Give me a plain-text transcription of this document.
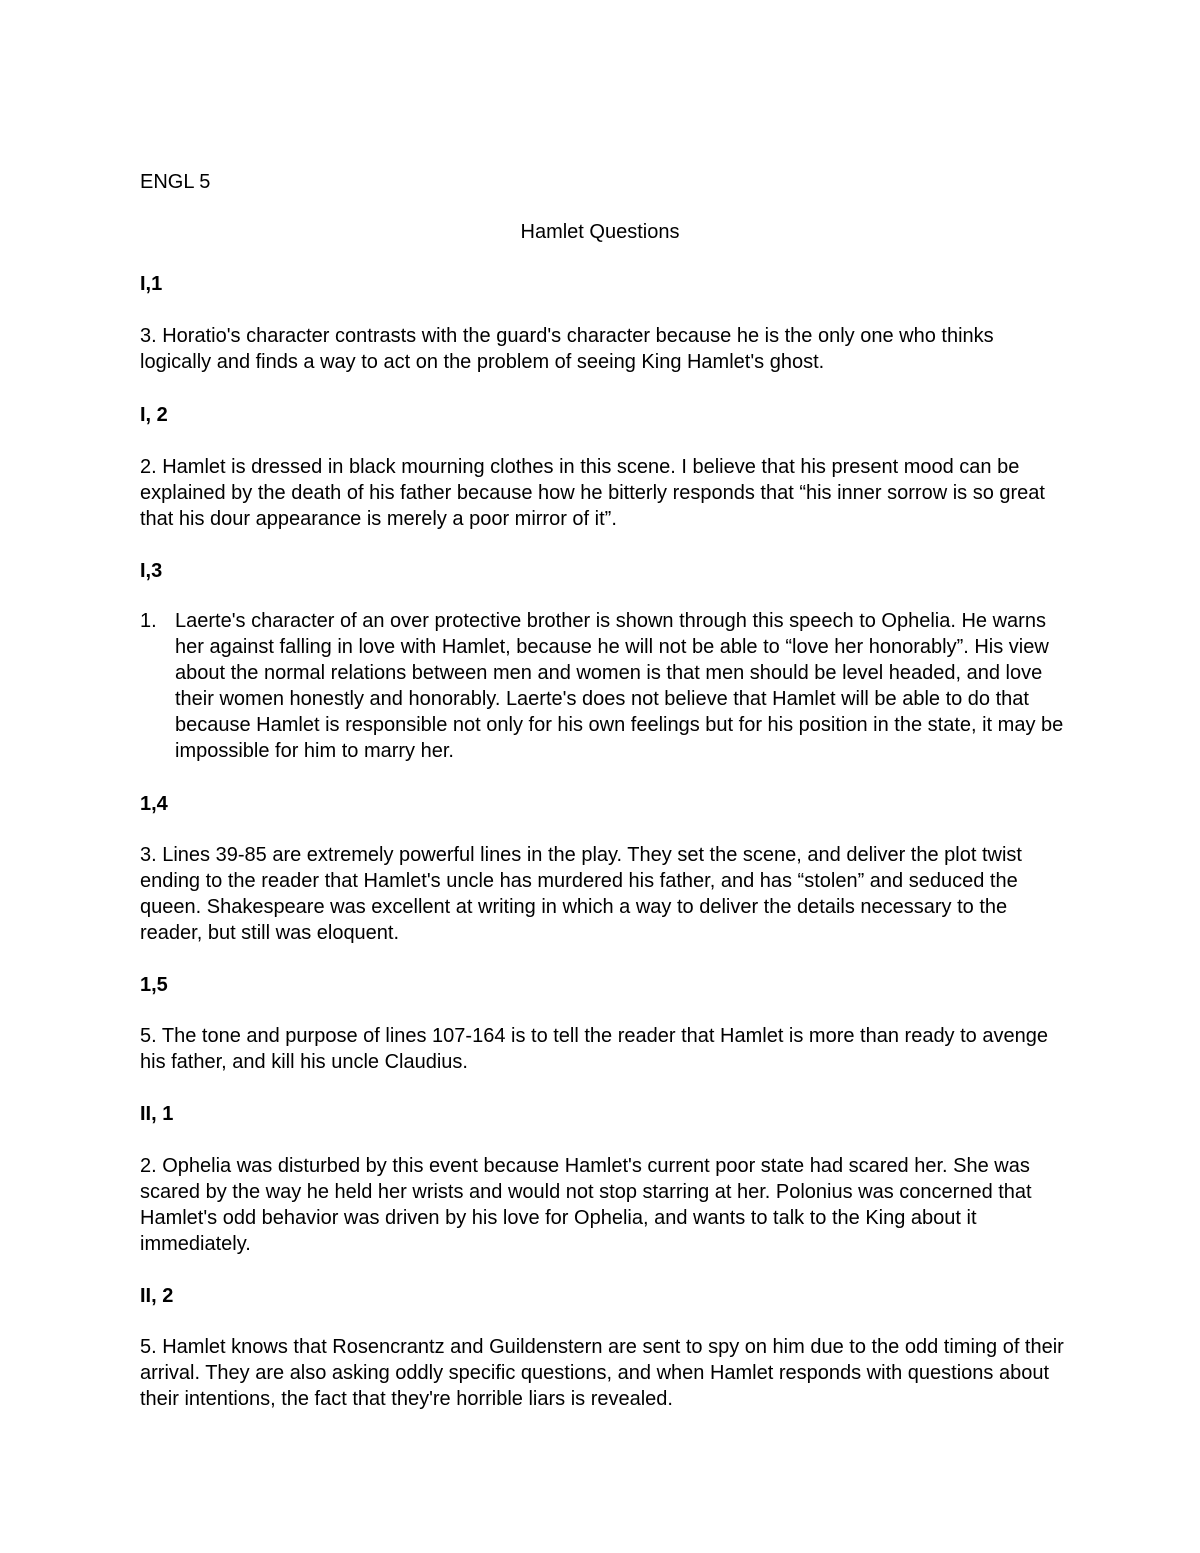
ENGL 5

Hamlet Questions

I,1

3. Horatio's character contrasts with the guard's character because he is the only one who thinks logically and finds a way to act on the problem of seeing King Hamlet's ghost.

I, 2

2. Hamlet is dressed in black mourning clothes in this scene. I believe that his present mood can be explained by the death of his father because how he bitterly responds that “his inner sorrow is so great that his dour appearance is merely a poor mirror of it”.

I,3

1. Laerte's character of an over protective brother is shown through this speech to Ophelia. He warns her against falling in love with Hamlet, because he will not be able to “love her honorably”. His view about the normal relations between men and women is that men should be level headed, and love their women honestly and honorably. Laerte's does not believe that Hamlet will be able to do that because Hamlet is responsible not only for his own feelings but for his position in the state, it may be impossible for him to marry her.

1,4

3. Lines 39-85 are extremely powerful lines in the play. They set the scene, and deliver the plot twist ending to the reader that Hamlet's uncle has murdered his father, and has “stolen” and seduced the queen. Shakespeare was excellent at writing in which a way to deliver the details necessary to the reader, but still was eloquent.

1,5

5. The tone and purpose of lines 107-164 is to tell the reader that Hamlet is more than ready to avenge his father, and kill his uncle Claudius.

II, 1

2. Ophelia was disturbed by this event because Hamlet's current poor state had scared her. She was scared by the way he held her wrists and would not stop starring at her. Polonius was concerned that Hamlet's odd behavior was driven by his love for Ophelia, and wants to talk to the King about it immediately.

II, 2

5. Hamlet knows that Rosencrantz and Guildenstern are sent to spy on him due to the odd timing of their arrival. They are also asking oddly specific questions, and when Hamlet responds with questions about their intentions, the fact that they're horrible liars is revealed.
